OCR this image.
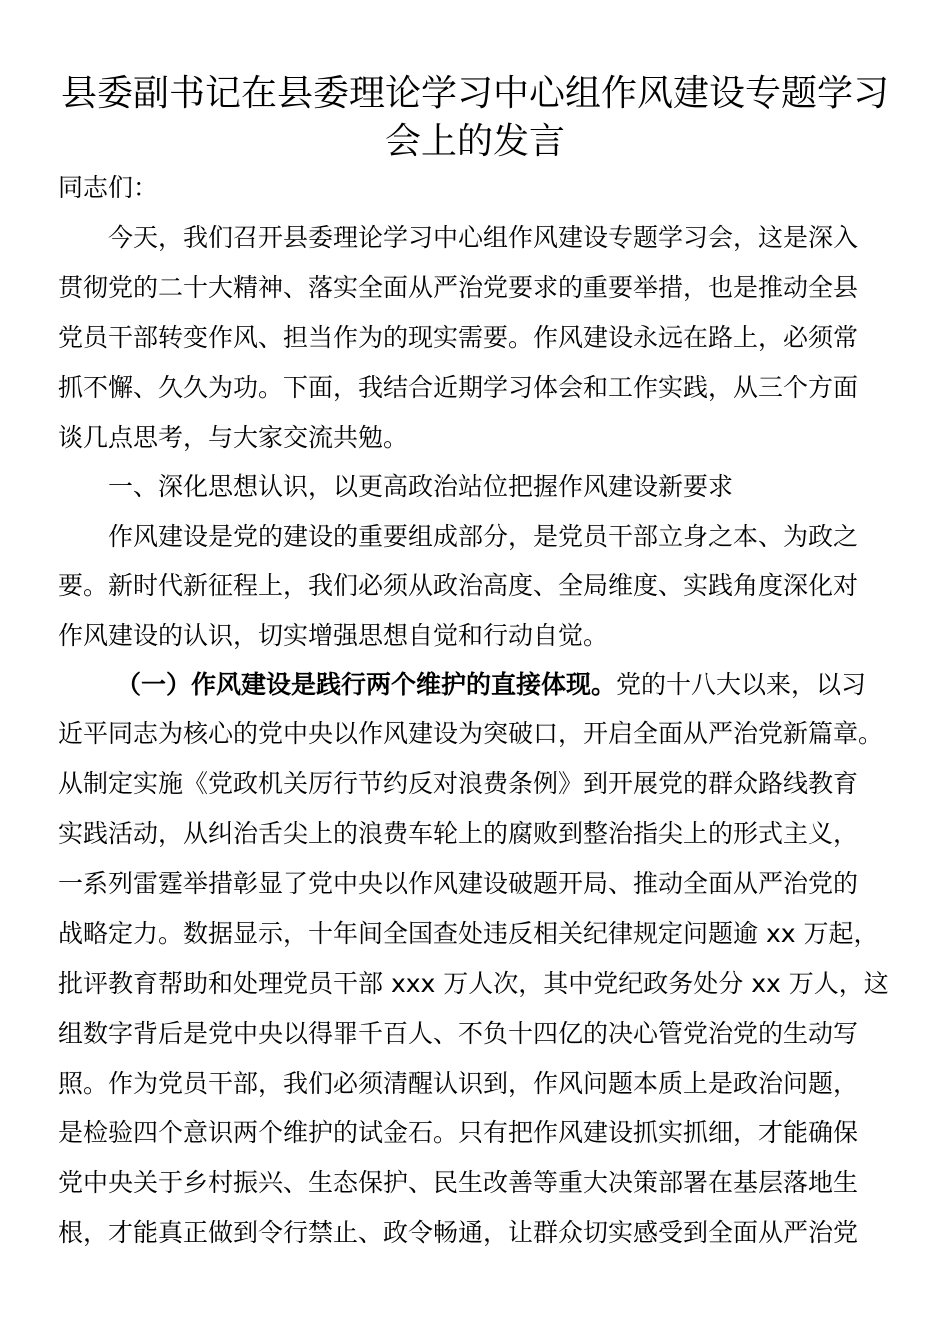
县委副书记在县委理论学习中心组作风建设专题学习
会上的发言

同志们：

今天，我们召开县委理论学习中心组作风建设专题学习会，这是深入

贯彻党的二十大精神、落实全面从严治党要求的重要举措，也是推动全县

党员干部转变作风、担当作为的现实需要。作风建设永远在路上，必须常

抓不懈、久久为功。下面，我结合近期学习体会和工作实践，从三个方面

谈几点思考，与大家交流共勉。

一、深化思想认识，以更高政治站位把握作风建设新要求

作风建设是党的建设的重要组成部分，是党员干部立身之本、为政之

要。新时代新征程上，我们必须从政治高度、全局维度、实践角度深化对

作风建设的认识，切实增强思想自觉和行动自觉。

（一）作风建设是践行两个维护的直接体现。党的十八大以来，以习

近平同志为核心的党中央以作风建设为突破口，开启全面从严治党新篇章。

从制定实施《党政机关厉行节约反对浪费条例》到开展党的群众路线教育

实践活动，从纠治舌尖上的浪费车轮上的腐败到整治指尖上的形式主义，

一系列雷霆举措彰显了党中央以作风建设破题开局、推动全面从严治党的

战略定力。数据显示，十年间全国查处违反相关纪律规定问题逾 xx 万起，

批评教育帮助和处理党员干部 xxx 万人次，其中党纪政务处分 xx 万人，这

组数字背后是党中央以得罪千百人、不负十四亿的决心管党治党的生动写

照。作为党员干部，我们必须清醒认识到，作风问题本质上是政治问题，

是检验四个意识两个维护的试金石。只有把作风建设抓实抓细，才能确保

党中央关于乡村振兴、生态保护、民生改善等重大决策部署在基层落地生

根，才能真正做到令行禁止、政令畅通，让群众切实感受到全面从严治党
